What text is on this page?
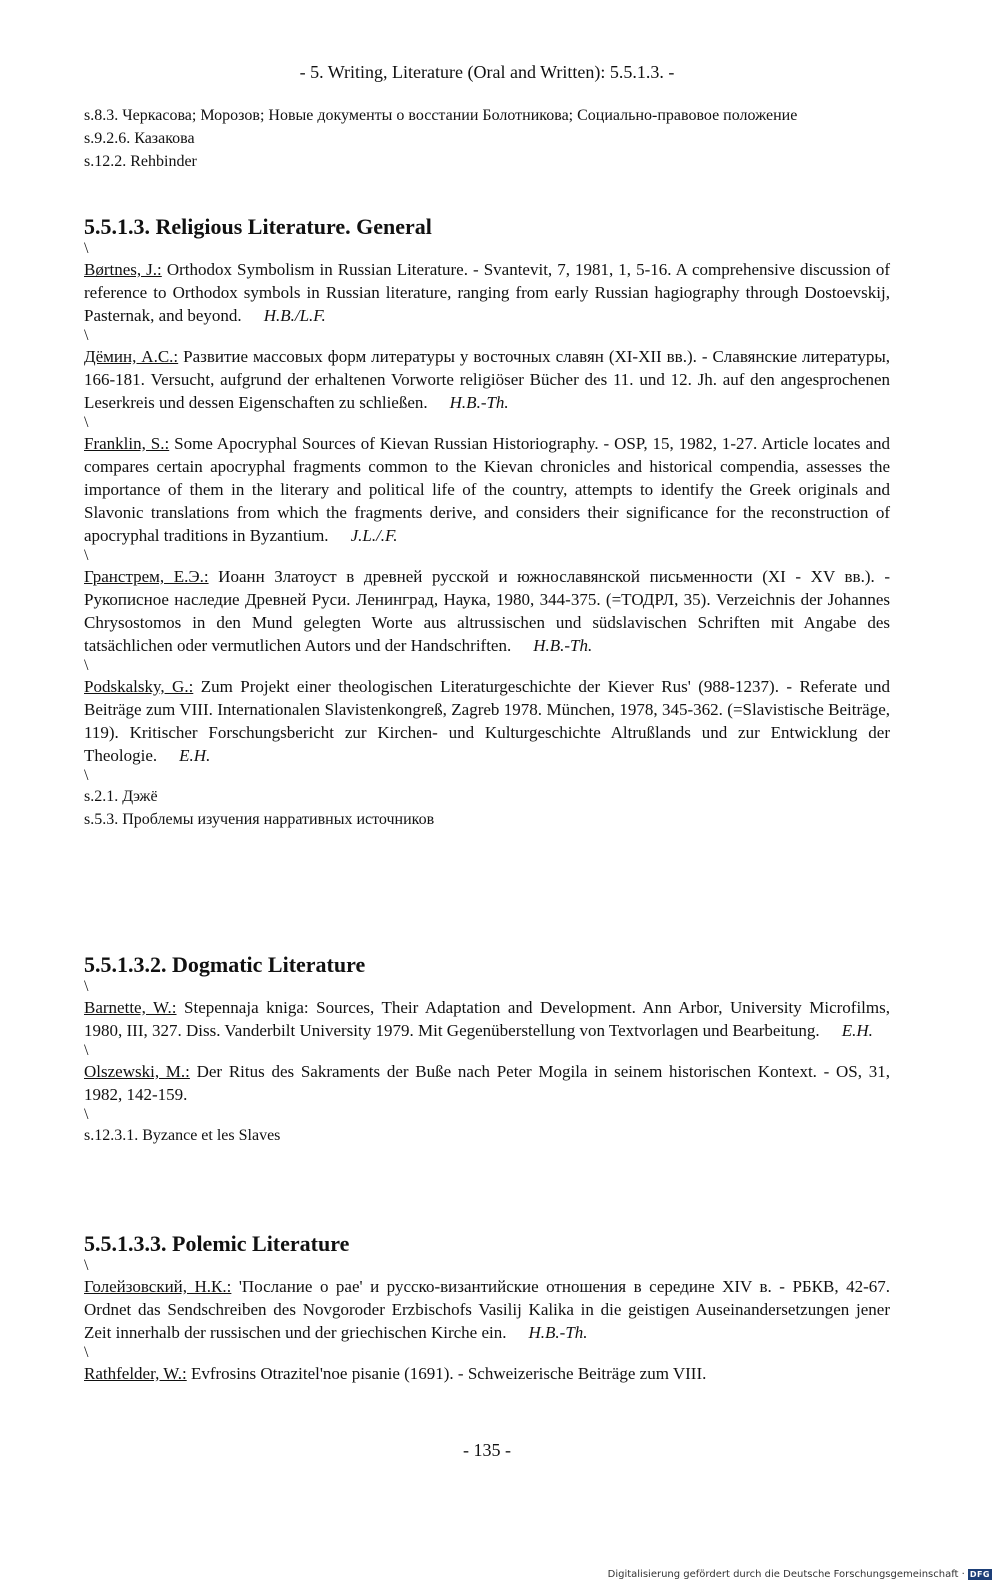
- 5. Writing, Literature (Oral and Written): 5.5.1.3. -

s.8.3. Черкасова; Морозов; Новые документы о восстании Болотникова; Социально-правовое положение

s.9.2.6. Казакова

s.12.2. Rehbinder

5.5.1.3. Religious Literature. General

\

Børtnes, J.: Orthodox Symbolism in Russian Literature. - Svantevit, 7, 1981, 1, 5-16. A comprehensive discussion of reference to Orthodox symbols in Russian literature, ranging from early Russian hagiography through Dostoevskij, Pasternak, and beyond. H.B./L.F.

\

Дёмин, А.С.: Развитие массовых форм литературы у восточных славян (XI-XII вв.). - Славянские литературы, 166-181. Versucht, aufgrund der erhaltenen Vorworte religiöser Bücher des 11. und 12. Jh. auf den angesprochenen Leserkreis und dessen Eigenschaften zu schließen. H.B.-Th.

\

Franklin, S.: Some Apocryphal Sources of Kievan Russian Historiography. - OSP, 15, 1982, 1-27. Article locates and compares certain apocryphal fragments common to the Kievan chronicles and historical compendia, assesses the importance of them in the literary and political life of the country, attempts to identify the Greek originals and Slavonic translations from which the fragments derive, and considers their significance for the reconstruction of apocryphal traditions in Byzantium. J.L./.F.

\

Гранстрем, Е.Э.: Иоанн Златоуст в древней русской и южнославянской письменности (XI - XV вв.). - Рукописное наследие Древней Руси. Ленинград, Наука, 1980, 344-375. (=ТОДРЛ, 35). Verzeichnis der Johannes Chrysostomos in den Mund gelegten Worte aus altrussischen und südslavischen Schriften mit Angabe des tatsächlichen oder vermutlichen Autors und der Handschriften. H.B.-Th.

\

Podskalsky, G.: Zum Projekt einer theologischen Literaturgeschichte der Kiever Rus' (988-1237). - Referate und Beiträge zum VIII. Internationalen Slavistenkongreß, Zagreb 1978. München, 1978, 345-362. (=Slavistische Beiträge, 119). Kritischer Forschungsbericht zur Kirchen- und Kulturgeschichte Altrußlands und zur Entwicklung der Theologie. E.H.

\

s.2.1. Дэжё

s.5.3. Проблемы изучения нарративных источников

5.5.1.3.2. Dogmatic Literature

\

Barnette, W.: Stepennaja kniga: Sources, Their Adaptation and Development. Ann Arbor, University Microfilms, 1980, III, 327. Diss. Vanderbilt University 1979. Mit Gegenüberstellung von Textvorlagen und Bearbeitung. E.H.

\

Olszewski, M.: Der Ritus des Sakraments der Buße nach Peter Mogila in seinem historischen Kontext. - OS, 31, 1982, 142-159.

\

s.12.3.1. Byzance et les Slaves

5.5.1.3.3. Polemic Literature

\

Голейзовский, Н.К.: 'Послание о рае' и русско-византийские отношения в середине XIV в. - РБКВ, 42-67. Ordnet das Sendschreiben des Novgoroder Erzbischofs Vasilij Kalika in die geistigen Auseinandersetzungen jener Zeit innerhalb der russischen und der griechischen Kirche ein. H.B.-Th.

\

Rathfelder, W.: Evfrosins Otrazitel'noe pisanie (1691). - Schweizerische Beiträge zum VIII.

- 135 -
Digitalisierung gefördert durch die Deutsche Forschungsgemeinschaft · DFG
